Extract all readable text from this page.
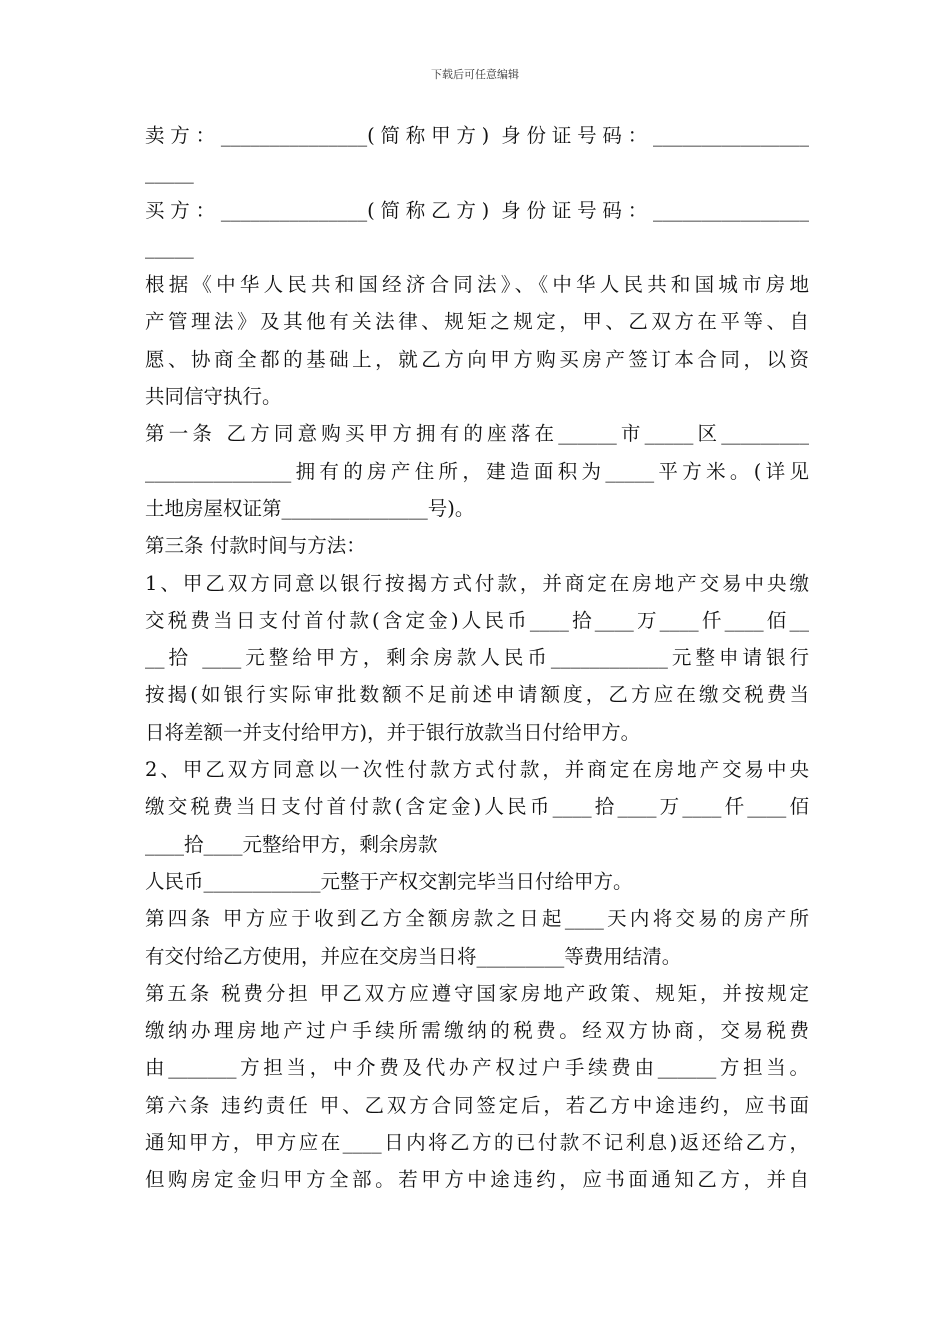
下载后可任意编辑
卖方：_______________(简称甲方) 身份证号码：________________
_____
买方：_______________(简称乙方) 身份证号码：________________
_____
根据《中华人民共和国经济合同法》、《中华人民共和国城市房地
产管理法》及其他有关法律、规矩之规定，甲、乙双方在平等、自
愿、协商全都的基础上，就乙方向甲方购买房产签订本合同，以资
共同信守执行。
第一条 乙方同意购买甲方拥有的座落在______市_____区_________
_______________拥有的房产住所，建造面积为_____平方米。(详见
土地房屋权证第_______________号)。
第三条 付款时间与方法：
1、甲乙双方同意以银行按揭方式付款，并商定在房地产交易中央缴
交税费当日支付首付款(含定金)人民币____拾____万____仟____佰__
__拾 ____元整给甲方，剩余房款人民币____________元整申请银行
按揭(如银行实际审批数额不足前述申请额度，乙方应在缴交税费当
日将差额一并支付给甲方)，并于银行放款当日付给甲方。
2、甲乙双方同意以一次性付款方式付款，并商定在房地产交易中央
缴交税费当日支付首付款(含定金)人民币____拾____万____仟____佰
____拾____元整给甲方，剩余房款
人民币____________元整于产权交割完毕当日付给甲方。
第四条 甲方应于收到乙方全额房款之日起____天内将交易的房产所
有交付给乙方使用，并应在交房当日将_________等费用结清。
第五条 税费分担 甲乙双方应遵守国家房地产政策、规矩，并按规定
缴纳办理房地产过户手续所需缴纳的税费。经双方协商，交易税费
由_______方担当，中介费及代办产权过户手续费由______方担当。
第六条 违约责任 甲、乙双方合同签定后，若乙方中途违约，应书面
通知甲方，甲方应在____日内将乙方的已付款不记利息)返还给乙方，
但购房定金归甲方全部。若甲方中途违约，应书面通知乙方，并自
